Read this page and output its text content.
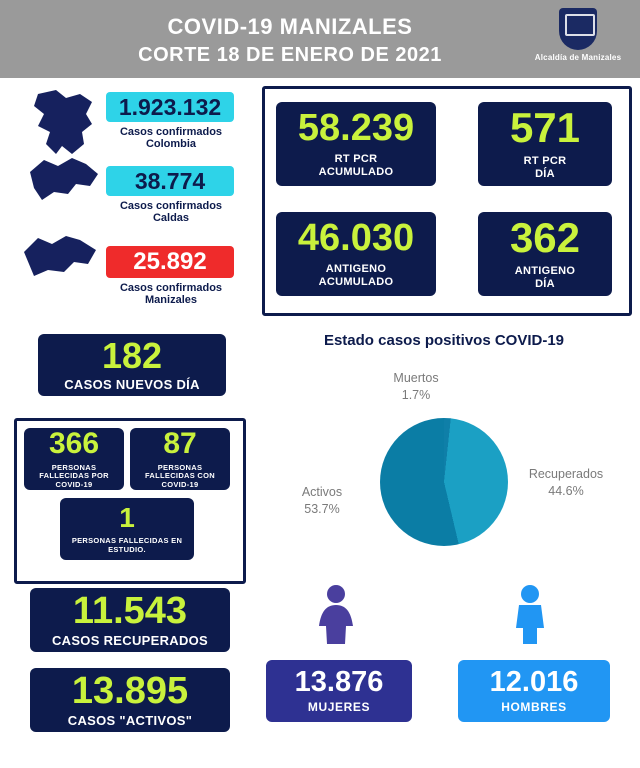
COVID-19 MANIZALES
CORTE 18 DE ENERO DE 2021	Alcaldía de Manizales
1.923.132
Casos confirmados
Colombia
38.774
Casos confirmados
Caldas
25.892
Casos confirmados
Manizales
182
CASOS NUEVOS DÍA
366
PERSONAS FALLECIDAS POR COVID-19
87
PERSONAS FALLECIDAS CON COVID-19
1
PERSONAS FALLECIDAS EN ESTUDIO.
11.543
CASOS RECUPERADOS
13.895
CASOS "ACTIVOS"
58.239
RT PCR
ACUMULADO
571
RT PCR
DÍA
46.030
ANTIGENO
ACUMULADO
362
ANTIGENO
DÍA
Estado casos positivos COVID-19
Muertos
1.7%
Activos
53.7%
Recuperados
44.6%
13.876
MUJERES
12.016
HOMBRES
